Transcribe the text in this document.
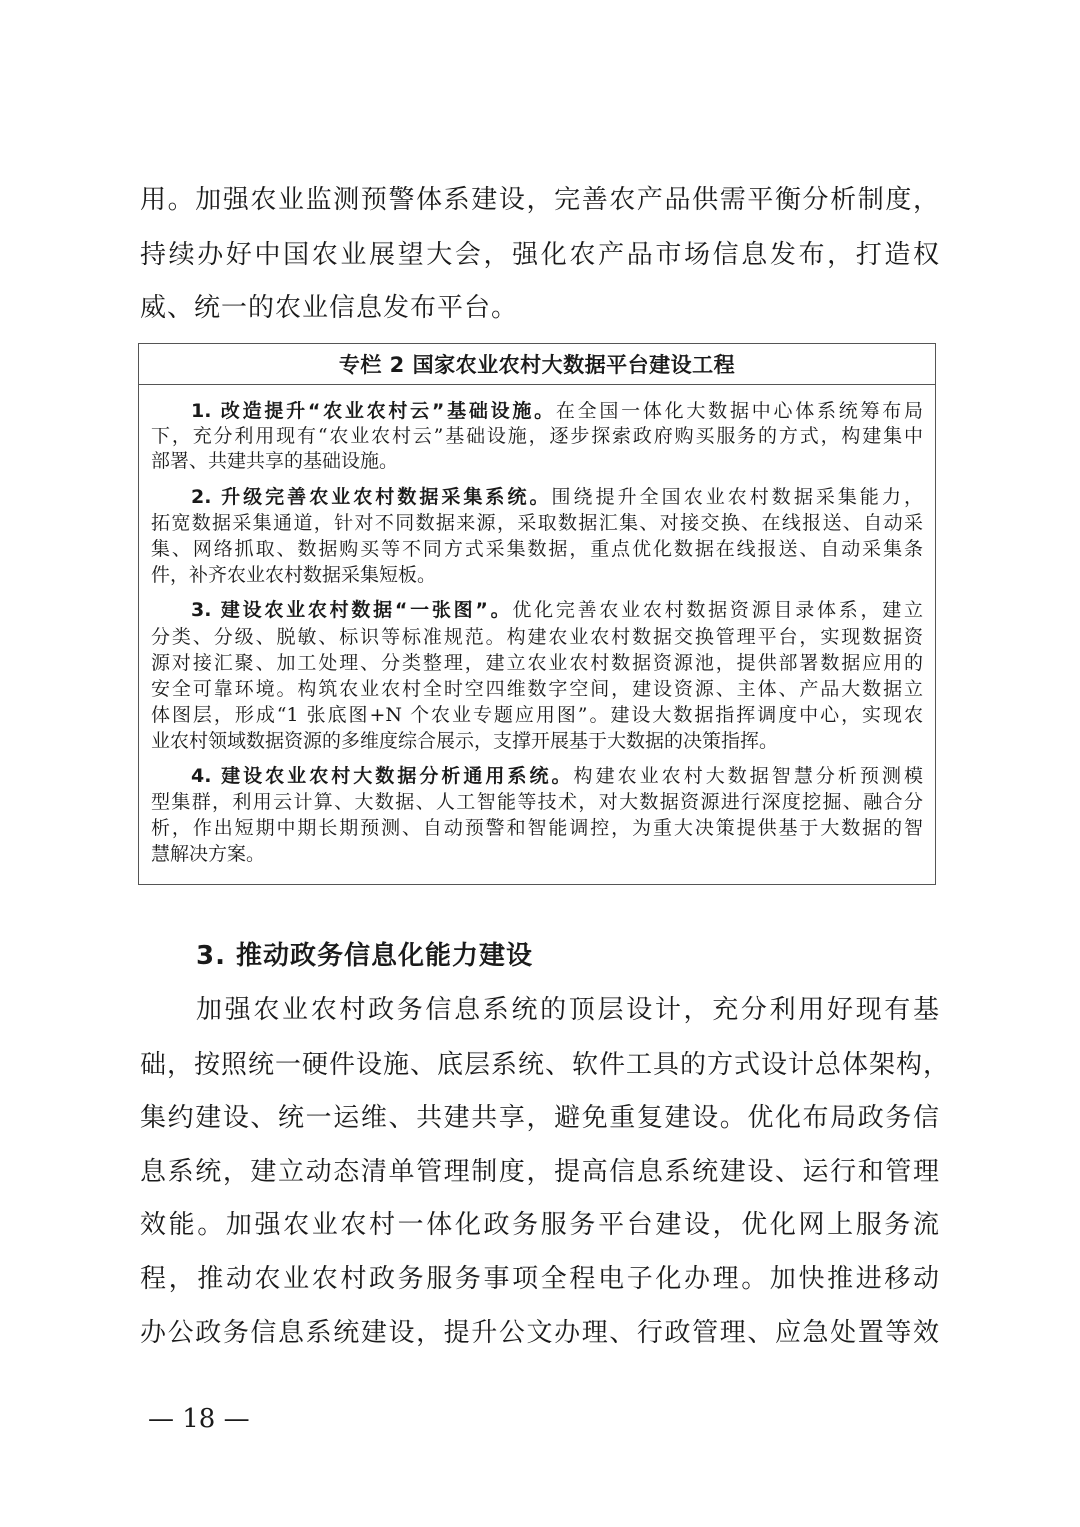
用。加强农业监测预警体系建设，完善农产品供需平衡分析制度，
持续办好中国农业展望大会，强化农产品市场信息发布，打造权
威、统一的农业信息发布平台。
专栏 2 国家农业农村大数据平台建设工程
1. 改造提升“农业农村云”基础设施。在全国一体化大数据中心体系统筹布局
下，充分利用现有“农业农村云”基础设施，逐步探索政府购买服务的方式，构建集中
部署、共建共享的基础设施。
2. 升级完善农业农村数据采集系统。围绕提升全国农业农村数据采集能力，
拓宽数据采集通道，针对不同数据来源，采取数据汇集、对接交换、在线报送、自动采
集、网络抓取、数据购买等不同方式采集数据，重点优化数据在线报送、自动采集条
件，补齐农业农村数据采集短板。
3. 建设农业农村数据“一张图”。优化完善农业农村数据资源目录体系，建立
分类、分级、脱敏、标识等标准规范。构建农业农村数据交换管理平台，实现数据资
源对接汇聚、加工处理、分类整理，建立农业农村数据资源池，提供部署数据应用的
安全可靠环境。构筑农业农村全时空四维数字空间，建设资源、主体、产品大数据立
体图层，形成“1 张底图+N 个农业专题应用图”。建设大数据指挥调度中心，实现农
业农村领域数据资源的多维度综合展示，支撑开展基于大数据的决策指挥。
4. 建设农业农村大数据分析通用系统。构建农业农村大数据智慧分析预测模
型集群，利用云计算、大数据、人工智能等技术，对大数据资源进行深度挖掘、融合分
析，作出短期中期长期预测、自动预警和智能调控，为重大决策提供基于大数据的智
慧解决方案。
3. 推动政务信息化能力建设
加强农业农村政务信息系统的顶层设计，充分利用好现有基
础，按照统一硬件设施、底层系统、软件工具的方式设计总体架构，
集约建设、统一运维、共建共享，避免重复建设。优化布局政务信
息系统，建立动态清单管理制度，提高信息系统建设、运行和管理
效能。加强农业农村一体化政务服务平台建设，优化网上服务流
程，推动农业农村政务服务事项全程电子化办理。加快推进移动
办公政务信息系统建设，提升公文办理、行政管理、应急处置等效
— 18 —
